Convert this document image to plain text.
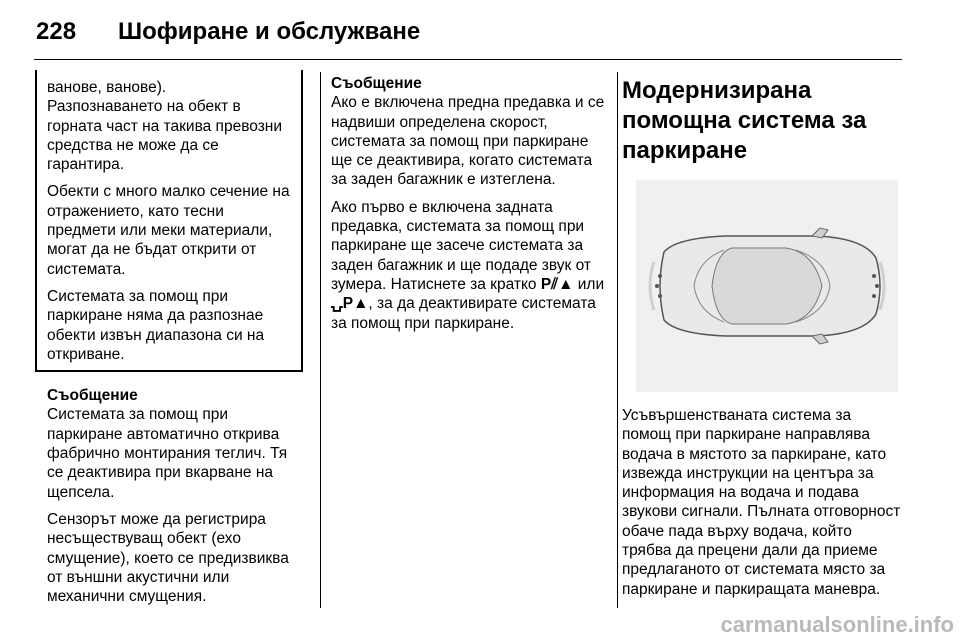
228 Шофиране и обслужване

ванове, ванове).

Разпознаването на обект в горната част на такива превозни средства не може да се гарантира.

Обекти с много малко сечение на отражението, като тесни предмети или меки материали, могат да не бъдат открити от системата.

Системата за помощ при паркиране няма да разпознае обекти извън диапазона си на откриване.

Съобщение

Системата за помощ при паркиране автоматично открива фабрично монтирания теглич. Тя се деактивира при вкарване на щепсела.

Сензорът може да регистрира несъществуващ обект (ехо смущение), което се предизвиква от външни акустични или механични смущения.

Съобщение

Ако е включена предна предавка и се надвиши определена скорост, системата за помощ при паркиране ще се деактивира, когато системата за заден багажник е изтеглена.

Ако първо е включена задната предавка, системата за помощ при паркиране ще засече системата за заден багажник и ще подаде звук от зумера. Натиснете за кратко P⫽▲ или ⍽P▲, за да деактивирате системата за помощ при паркиране.

Модернизирана помощна система за паркиране

Усъвършенстваната система за помощ при паркиране направлява водача в мястото за паркиране, като извежда инструкции на центъра за информация на водача и подава звукови сигнали. Пълната отговорност обаче пада върху водача, който трябва да прецени дали да приеме предлаганото от системата място за паркиране и паркиращата маневра.

carmanualsonline.info
